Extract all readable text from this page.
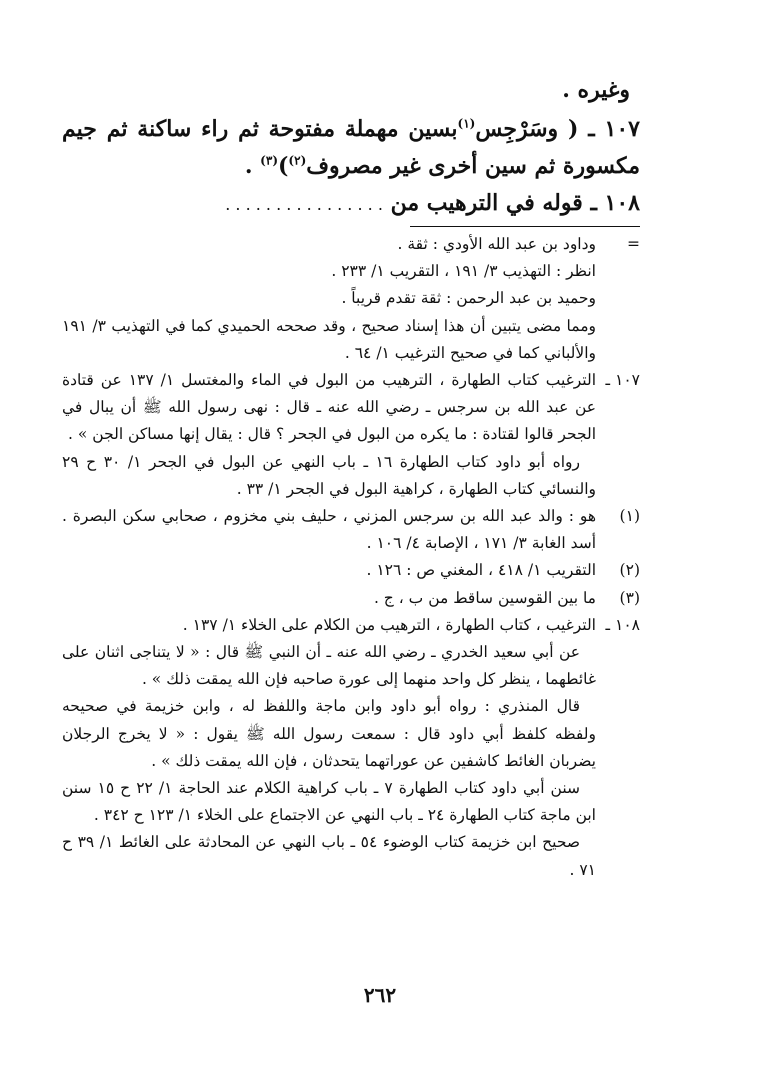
وغيره .

١٠٧ ـ ( وسَرْجِس$^{(١)}$بسين مهملة مفتوحة ثم راء ساكنة ثم جيم مكسورة ثم سين أخرى غير مصروف$^{(٢)}$)$^{(٣)}$ .

١٠٨ ـ قوله في الترهيب من . . . . . . . . . . . . . . . .

=

وداود بن عبد الله الأودي : ثقة .

انظر : التهذيب ٣/ ١٩١ ، التقريب ١/ ٢٣٣ .

وحميد بن عبد الرحمن : ثقة تقدم قريباً .

ومما مضى يتبين أن هذا إسناد صحيح ، وقد صححه الحميدي كما في التهذيب ٣/ ١٩١ والألباني كما في صحيح الترغيب ١/ ٦٤ .

١٠٧ ـ

الترغيب كتاب الطهارة ، الترهيب من البول في الماء والمغتسل ١/ ١٣٧ عن قتادة عن عبد الله بن سرجس ـ رضي الله عنه ـ قال : نهى رسول الله ﷺ أن يبال في الجحر قالوا لقتادة : ما يكره من البول في الجحر ؟ قال : يقال إنها مساكن الجن » .

رواه أبو داود كتاب الطهارة ١٦ ـ باب النهي عن البول في الجحر ١/ ٣٠ ح ٢٩ والنسائي كتاب الطهارة ، كراهية البول في الجحر ١/ ٣٣ .

(١)

هو : والد عبد الله بن سرجس المزني ، حليف بني مخزوم ، صحابي سكن البصرة . أسد الغابة ٣/ ١٧١ ، الإصابة ٤/ ١٠٦ .

(٢)

التقريب ١/ ٤١٨ ، المغني ص : ١٢٦ .

(٣)

ما بين القوسين ساقط من ب ، ج .

١٠٨ ـ

الترغيب ، كتاب الطهارة ، الترهيب من الكلام على الخلاء ١/ ١٣٧ .

عن أبي سعيد الخدري ـ رضي الله عنه ـ أن النبي ﷺ قال : « لا يتناجى اثنان على غائطهما ، ينظر كل واحد منهما إلى عورة صاحبه فإن الله يمقت ذلك » .

قال المنذري : رواه أبو داود وابن ماجة واللفظ له ، وابن خزيمة في صحيحه ولفظه كلفظ أبي داود قال : سمعت رسول الله ﷺ يقول : « لا يخرج الرجلان يضربان الغائط كاشفين عن عوراتهما يتحدثان ، فإن الله يمقت ذلك » .

سنن أبي داود كتاب الطهارة ٧ ـ باب كراهية الكلام عند الحاجة ١/ ٢٢ ح ١٥ سنن ابن ماجة كتاب الطهارة ٢٤ ـ باب النهي عن الاجتماع على الخلاء ١/ ١٢٣ ح ٣٤٢ .

صحيح ابن خزيمة كتاب الوضوء ٥٤ ـ باب النهي عن المحادثة على الغائط ١/ ٣٩ ح ٧١ .

٢٦٢
